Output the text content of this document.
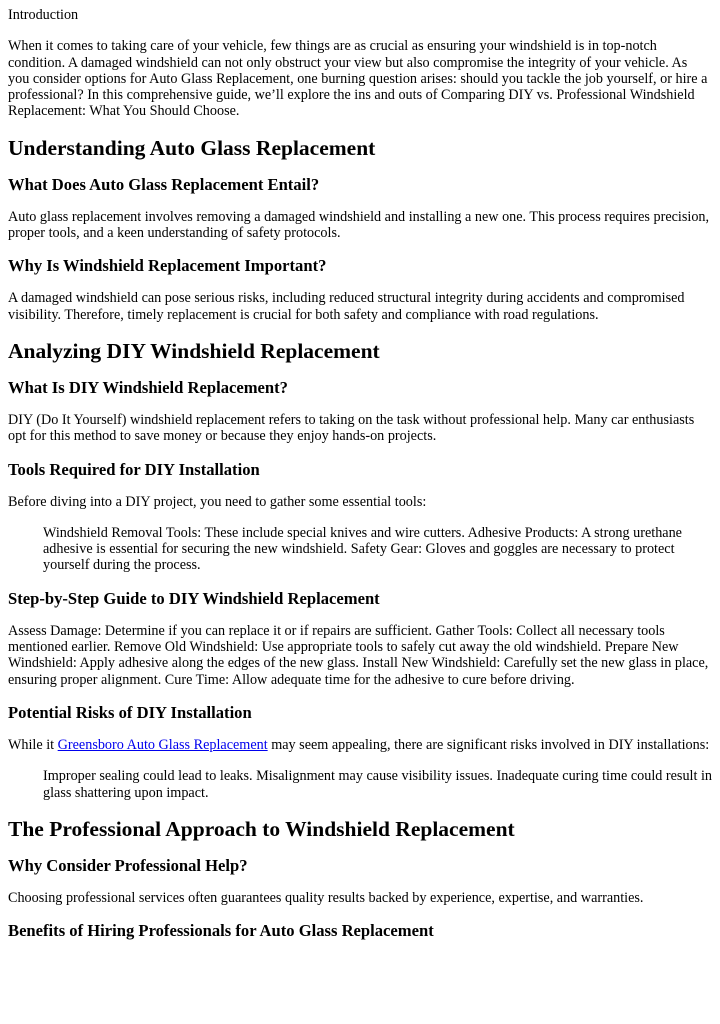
Introduction

When it comes to taking care of your vehicle, few things are as crucial as ensuring your windshield is in top-notch condition. A damaged windshield can not only obstruct your view but also compromise the integrity of your vehicle. As you consider options for Auto Glass Replacement, one burning question arises: should you tackle the job yourself, or hire a professional? In this comprehensive guide, we’ll explore the ins and outs of Comparing DIY vs. Professional Windshield Replacement: What You Should Choose.

Understanding Auto Glass Replacement
What Does Auto Glass Replacement Entail?

Auto glass replacement involves removing a damaged windshield and installing a new one. This process requires precision, proper tools, and a keen understanding of safety protocols.

Why Is Windshield Replacement Important?

A damaged windshield can pose serious risks, including reduced structural integrity during accidents and compromised visibility. Therefore, timely replacement is crucial for both safety and compliance with road regulations.

Analyzing DIY Windshield Replacement
What Is DIY Windshield Replacement?

DIY (Do It Yourself) windshield replacement refers to taking on the task without professional help. Many car enthusiasts opt for this method to save money or because they enjoy hands-on projects.

Tools Required for DIY Installation

Before diving into a DIY project, you need to gather some essential tools:

Windshield Removal Tools: These include special knives and wire cutters. Adhesive Products: A strong urethane adhesive is essential for securing the new windshield. Safety Gear: Gloves and goggles are necessary to protect yourself during the process.
Step-by-Step Guide to DIY Windshield Replacement

Assess Damage: Determine if you can replace it or if repairs are sufficient. Gather Tools: Collect all necessary tools mentioned earlier. Remove Old Windshield: Use appropriate tools to safely cut away the old windshield. Prepare New Windshield: Apply adhesive along the edges of the new glass. Install New Windshield: Carefully set the new glass in place, ensuring proper alignment. Cure Time: Allow adequate time for the adhesive to cure before driving.

Potential Risks of DIY Installation

While it Greensboro Auto Glass Replacement may seem appealing, there are significant risks involved in DIY installations:

Improper sealing could lead to leaks. Misalignment may cause visibility issues. Inadequate curing time could result in glass shattering upon impact.
The Professional Approach to Windshield Replacement
Why Consider Professional Help?

Choosing professional services often guarantees quality results backed by experience, expertise, and warranties.

Benefits of Hiring Professionals for Auto Glass Replacement
